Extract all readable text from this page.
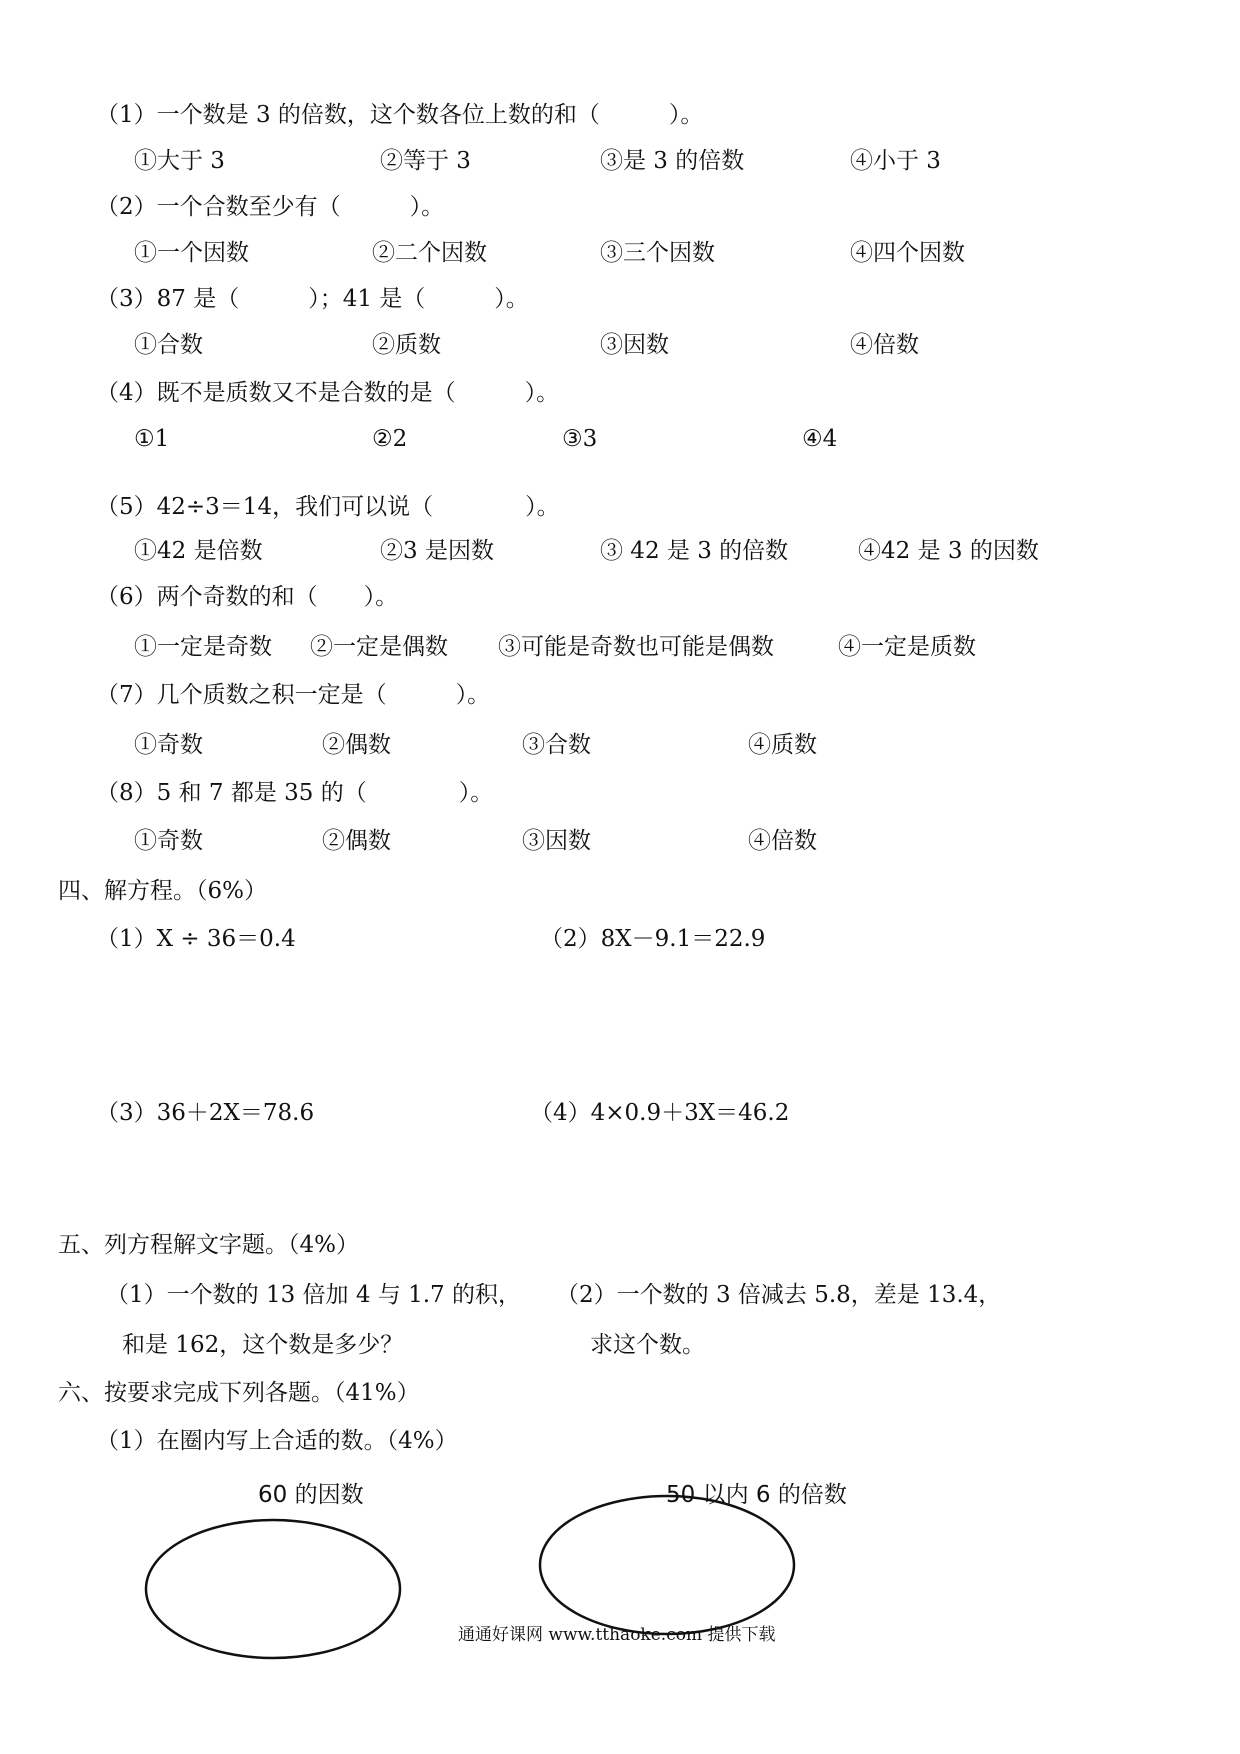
（1）一个数是 3 的倍数，这个数各位上数的和（　　　）。
①大于 3	②等于 3	③是 3 的倍数	④小于 3
（2）一个合数至少有（　　　）。
①一个因数	②二个因数	③三个因数	④四个因数
（3）87 是（　　　）；41 是（　　　）。
①合数	②质数	③因数	④倍数
（4）既不是质数又不是合数的是（　　　）。
①1	②2	③3	④4
（5）42÷3＝14，我们可以说（　　　　）。
①42 是倍数	②3 是因数	③ 42 是 3 的倍数	④42 是 3 的因数
（6）两个奇数的和（　　）。
①一定是奇数 ②一定是偶数 ③可能是奇数也可能是偶数	④一定是质数
（7）几个质数之积一定是（　　　）。
①奇数	②偶数	③合数	④质数
（8）5 和 7 都是 35 的（　　　　）。
①奇数	②偶数	③因数	④倍数
四、解方程。（6%）
（1）X ÷ 36＝0.4	（2）8X－9.1＝22.9
（3）36＋2X＝78.6	（4）4×0.9＋3X＝46.2
五、列方程解文字题。（4%）
（1）一个数的 13 倍加 4 与 1.7 的积， （2）一个数的 3 倍减去 5.8，差是 13.4，
和是 162，这个数是多少？	求这个数。
六、按要求完成下列各题。（41%）
（1）在圈内写上合适的数。（4%）
60 的因数	50 以内 6 的倍数
通通好课网 www.tthaoke.com 提供下载
